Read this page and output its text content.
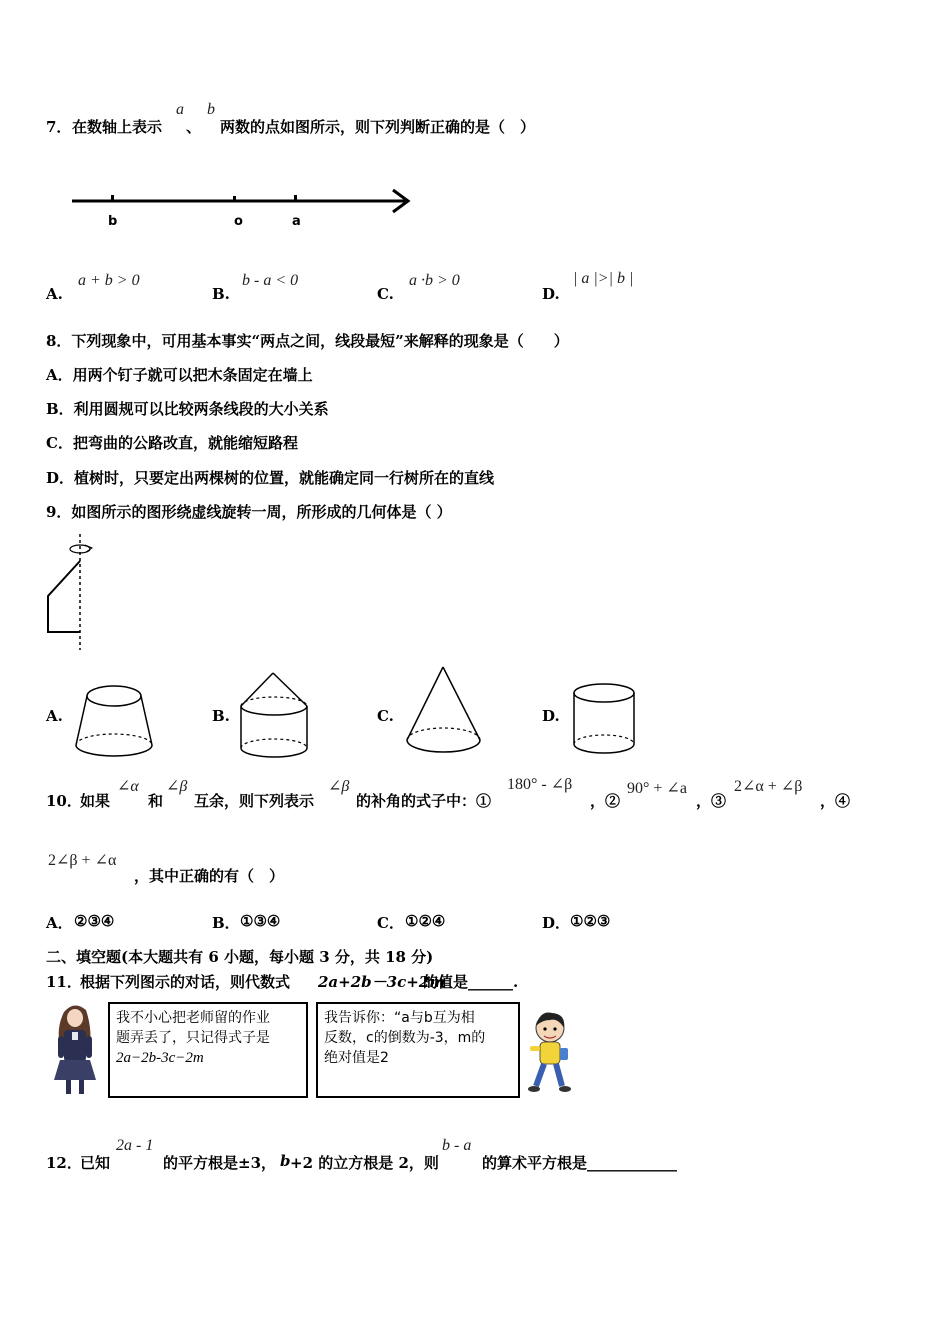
7． 在数轴上表示
a
、
b
两数的点如图所示，则下列判断正确的是（　）
b	o	a
A.
a + b > 0
B.
b - a < 0
C.
a ·b > 0
D.
| a |>| b |
8．下列现象中，可用基本事实“两点之间，线段最短”来解释的现象是（　　）
A．用两个钉子就可以把木条固定在墙上
B．利用圆规可以比较两条线段的大小关系
C．把弯曲的公路改直，就能缩短路程
D．植树时，只要定出两棵树的位置，就能确定同一行树所在的直线
9．如图所示的图形绕虚线旋转一周，所形成的几何体是（ ）
A.	B.	C.	D.
10．
如果
∠α
和
∠β
互余，则下列表示
∠β
的补角的式子中：①
180° - ∠β
，②
90° + ∠a
，③
2∠α + ∠β
，④
2∠β + ∠α
，其中正确的有（　）
A． ②③④	B． ①③④	C． ①②④	D． ①②③
二、填空题(本大题共有 6 小题，每小题 3 分，共 18 分)
11．
根据下列图示的对话，则代数式 2a+2b－3c+2m
的值是______.
我不小心把老师留的作业
题弄丢了，只记得式子是
2a−2b-3c−2m
我告诉你：“a与b互为相
反数，c的倒数为-3，m的
绝对值是2
12．
已知
2a - 1
的平方根是±3， b +2 的立方根是 2，则
b - a
的算术平方根是____________
